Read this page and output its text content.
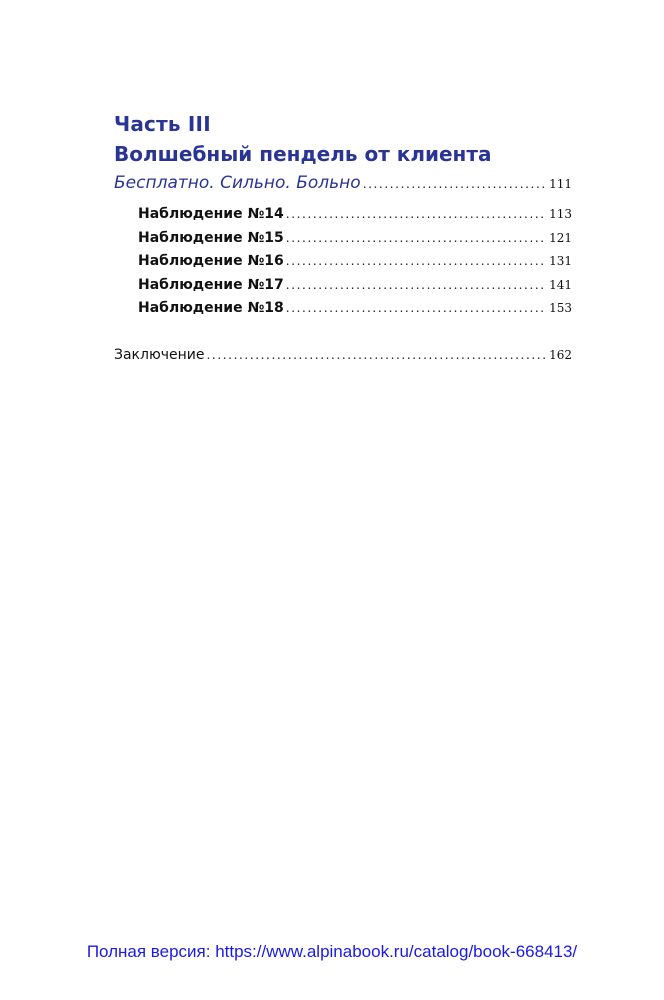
Часть III
Волшебный пендель от клиента
Бесплатно. Сильно. Больно .....	111
Наблюдение №14 .....	113
Наблюдение №15 .....	121
Наблюдение №16 .....	131
Наблюдение №17 .....	141
Наблюдение №18 .....	153
Заключение .....	162
Полная версия: https://www.alpinabook.ru/catalog/book-668413/
